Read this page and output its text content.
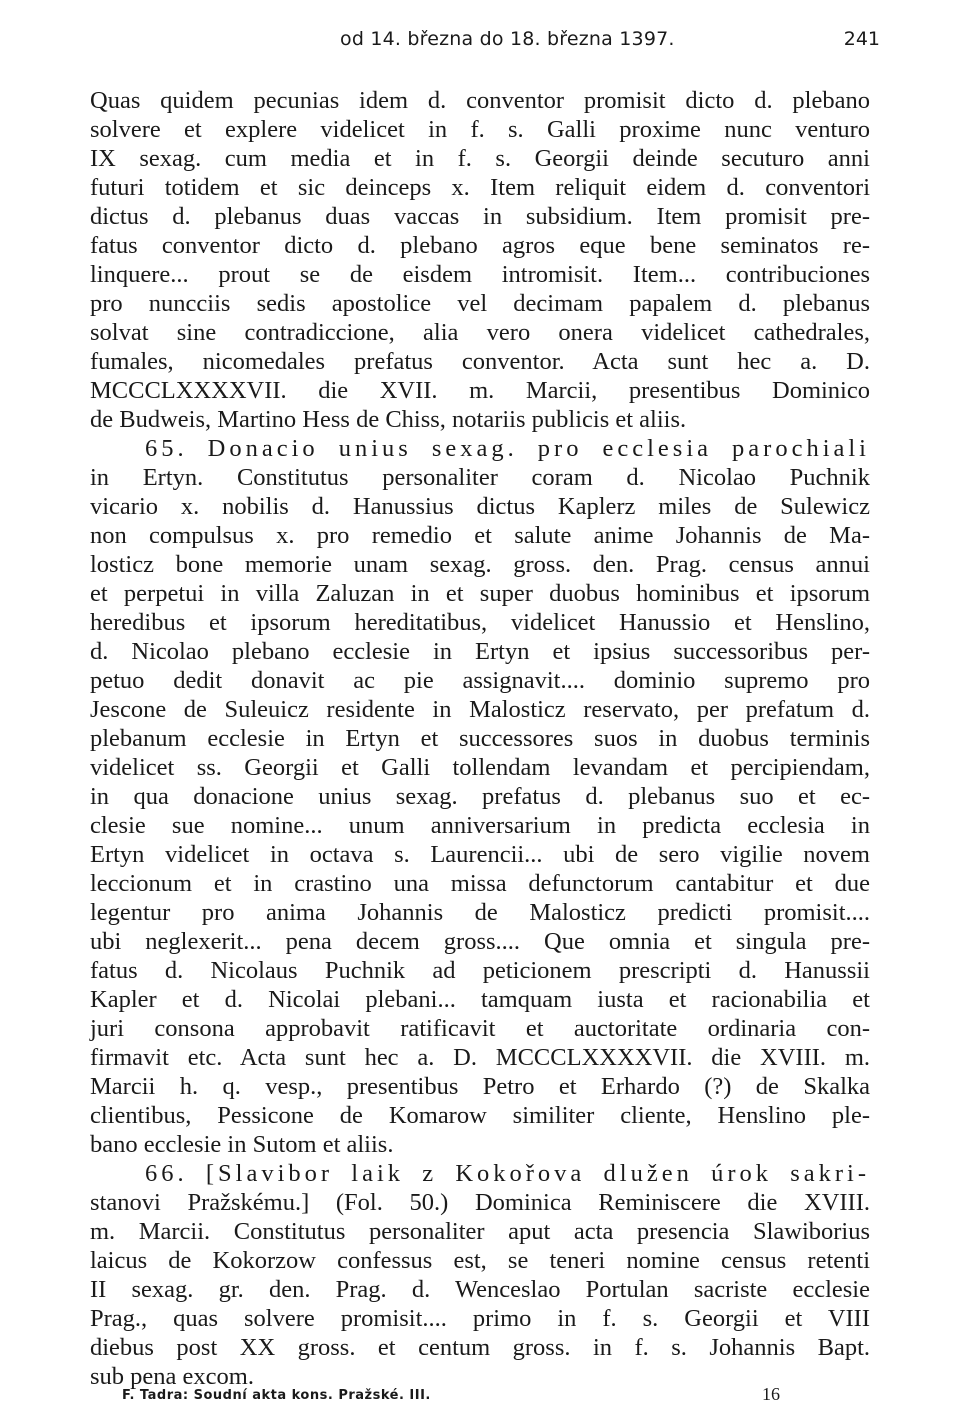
od 14. března do 18. března 1397.	241
Quas quidem pecunias idem d. conventor promisit dicto d. plebano
solvere et explere videlicet in f. s. Galli proxime nunc venturo
IX sexag. cum media et in f. s. Georgii deinde secuturo anni
futuri totidem et sic deinceps x. Item reliquit eidem d. conventori
dictus d. plebanus duas vaccas in subsidium. Item promisit pre-
fatus conventor dicto d. plebano agros eque bene seminatos re-
linquere... prout se de eisdem intromisit. Item... contribuciones
pro nuncciis sedis apostolice vel decimam papalem d. plebanus
solvat sine contradiccione, alia vero onera videlicet cathedrales,
fumales, nicomedales prefatus conventor. Acta sunt hec a. D.
MCCCLXXXXVII. die XVII. m. Marcii, presentibus Dominico
de Budweis, Martino Hess de Chiss, notariis publicis et aliis.
65. Donacio unius sexag. pro ecclesia parochiali
in Ertyn. Constitutus personaliter coram d. Nicolao Puchnik
vicario x. nobilis d. Hanussius dictus Kaplerz miles de Sulewicz
non compulsus x. pro remedio et salute anime Johannis de Ma-
losticz bone memorie unam sexag. gross. den. Prag. census annui
et perpetui in villa Zaluzan in et super duobus hominibus et ipsorum
heredibus et ipsorum hereditatibus, videlicet Hanussio et Henslino,
d. Nicolao plebano ecclesie in Ertyn et ipsius successoribus per-
petuo dedit donavit ac pie assignavit.... dominio supremo pro
Jescone de Suleuicz residente in Malosticz reservato, per prefatum d.
plebanum ecclesie in Ertyn et successores suos in duobus terminis
videlicet ss. Georgii et Galli tollendam levandam et percipiendam,
in qua donacione unius sexag. prefatus d. plebanus suo et ec-
clesie sue nomine... unum anniversarium in predicta ecclesia in
Ertyn videlicet in octava s. Laurencii... ubi de sero vigilie novem
leccionum et in crastino una missa defunctorum cantabitur et due
legentur pro anima Johannis de Malosticz predicti promisit....
ubi neglexerit... pena decem gross.... Que omnia et singula pre-
fatus d. Nicolaus Puchnik ad peticionem prescripti d. Hanussii
Kapler et d. Nicolai plebani... tamquam iusta et racionabilia et
juri consona approbavit ratificavit et auctoritate ordinaria con-
firmavit etc. Acta sunt hec a. D. MCCCLXXXXVII. die XVIII. m.
Marcii h. q. vesp., presentibus Petro et Erhardo (?) de Skalka
clientibus, Pessicone de Komarow similiter cliente, Henslino ple-
bano ecclesie in Sutom et aliis.
66. [Slavibor laik z Kokořova dlužen úrok sakri-
stanovi Pražskému.] (Fol. 50.) Dominica Reminiscere die XVIII.
m. Marcii. Constitutus personaliter aput acta presencia Slawiborius
laicus de Kokorzow confessus est, se teneri nomine census retenti
II sexag. gr. den. Prag. d. Wenceslao Portulan sacriste ecclesie
Prag., quas solvere promisit.... primo in f. s. Georgii et VIII
diebus post XX gross. et centum gross. in f. s. Johannis Bapt.
sub pena excom.
F. Tadra: Soudní akta kons. Pražské. III.	16
